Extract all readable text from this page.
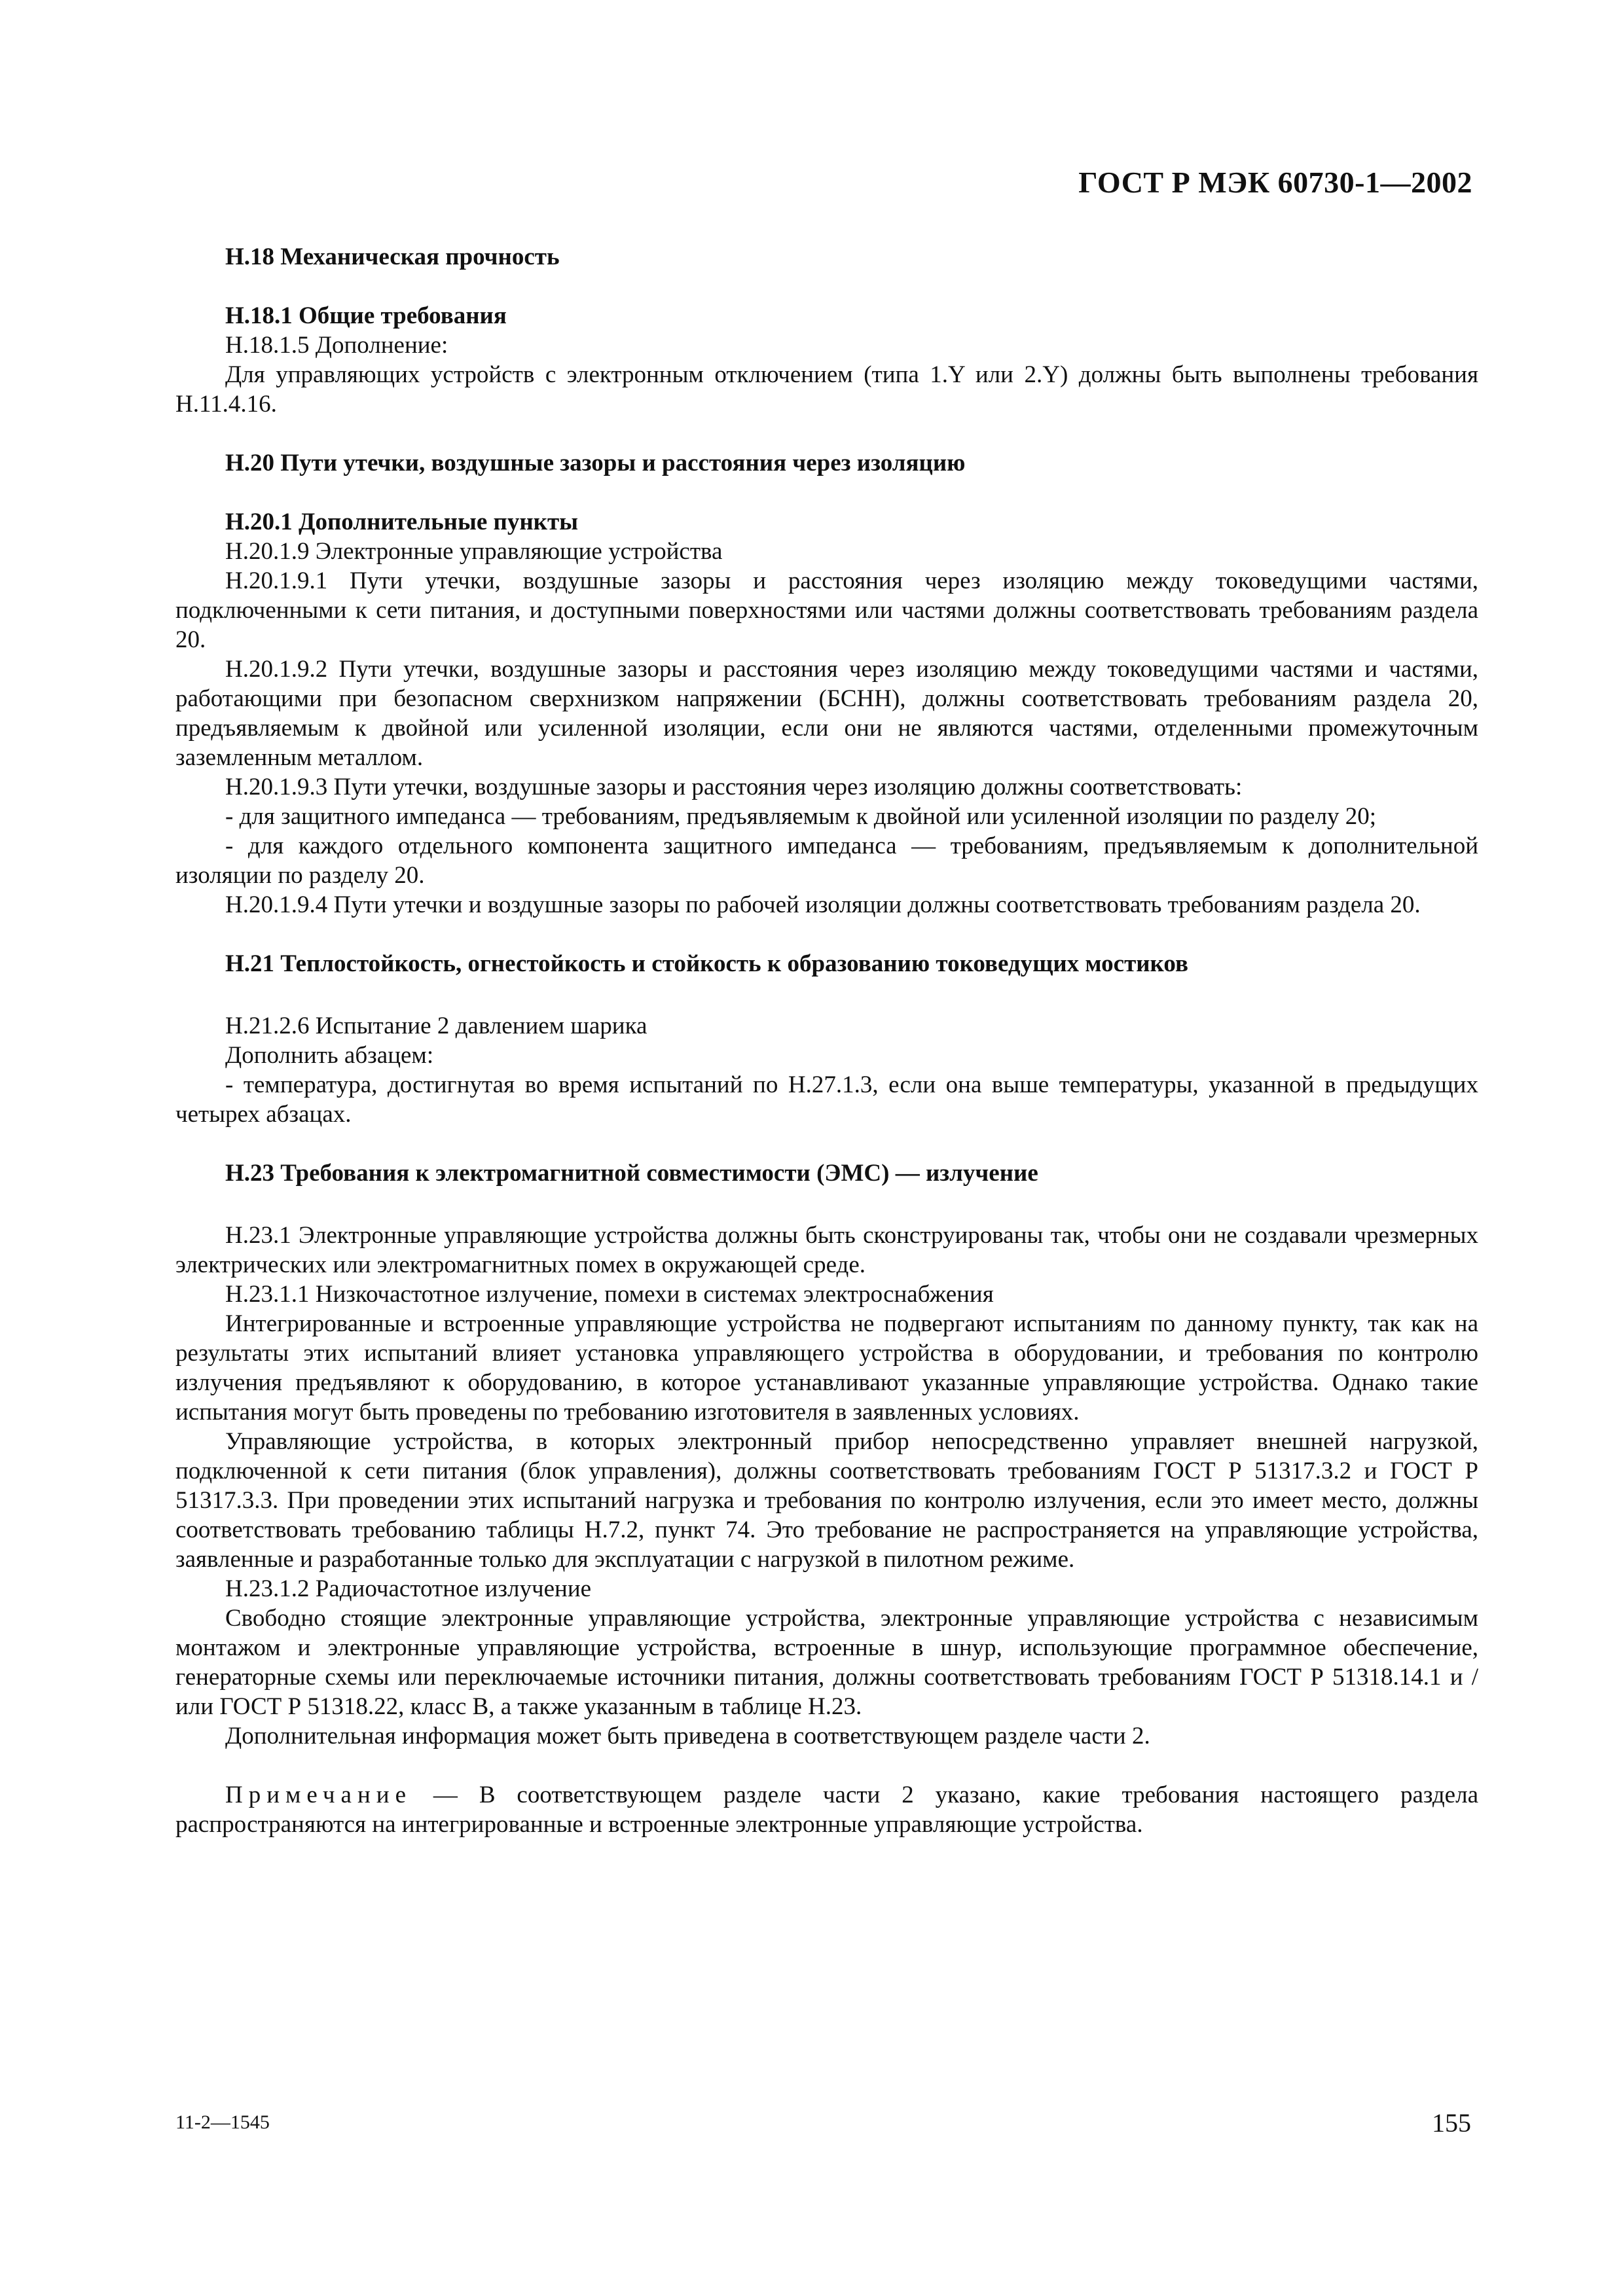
ГОСТ Р МЭК 60730-1—2002

Н.18 Механическая прочность

Н.18.1 Общие требования

Н.18.1.5 Дополнение:

Для управляющих устройств с электронным отключением (типа 1.Y или 2.Y) должны быть выполнены требования Н.11.4.16.

Н.20 Пути утечки, воздушные зазоры и расстояния через изоляцию

Н.20.1 Дополнительные пункты

Н.20.1.9 Электронные управляющие устройства

Н.20.1.9.1 Пути утечки, воздушные зазоры и расстояния через изоляцию между токоведущими частями, подключенными к сети питания, и доступными поверхностями или частями должны соответствовать требованиям раздела 20.

Н.20.1.9.2 Пути утечки, воздушные зазоры и расстояния через изоляцию между токоведущими частями и частями, работающими при безопасном сверхнизком напряжении (БСНН), должны соответствовать требованиям раздела 20, предъявляемым к двойной или усиленной изоляции, если они не являются частями, отделенными промежуточным заземленным металлом.

Н.20.1.9.3 Пути утечки, воздушные зазоры и расстояния через изоляцию должны соответствовать:

- для защитного импеданса — требованиям, предъявляемым к двойной или усиленной изоляции по разделу 20;

- для каждого отдельного компонента защитного импеданса — требованиям, предъявляемым к дополнительной изоляции по разделу 20.

Н.20.1.9.4 Пути утечки и воздушные зазоры по рабочей изоляции должны соответствовать требованиям раздела 20.

Н.21 Теплостойкость, огнестойкость и стойкость к образованию токоведущих мостиков

Н.21.2.6 Испытание 2 давлением шарика

Дополнить абзацем:

- температура, достигнутая во время испытаний по Н.27.1.3, если она выше температуры, указанной в предыдущих четырех абзацах.

Н.23 Требования к электромагнитной совместимости (ЭМС) — излучение

Н.23.1 Электронные управляющие устройства должны быть сконструированы так, чтобы они не создавали чрезмерных электрических или электромагнитных помех в окружающей среде.

Н.23.1.1 Низкочастотное излучение, помехи в системах электроснабжения

Интегрированные и встроенные управляющие устройства не подвергают испытаниям по данному пункту, так как на результаты этих испытаний влияет установка управляющего устройства в оборудовании, и требования по контролю излучения предъявляют к оборудованию, в которое устанавливают указанные управляющие устройства. Однако такие испытания могут быть проведены по требованию изготовителя в заявленных условиях.

Управляющие устройства, в которых электронный прибор непосредственно управляет внешней нагрузкой, подключенной к сети питания (блок управления), должны соответствовать требованиям ГОСТ Р 51317.3.2 и ГОСТ Р 51317.3.3. При проведении этих испытаний нагрузка и требования по контролю излучения, если это имеет место, должны соответствовать требованию таблицы Н.7.2, пункт 74. Это требование не распространяется на управляющие устройства, заявленные и разработанные только для эксплуатации с нагрузкой в пилотном режиме.

Н.23.1.2 Радиочастотное излучение

Свободно стоящие электронные управляющие устройства, электронные управляющие устройства с независимым монтажом и электронные управляющие устройства, встроенные в шнур, использующие программное обеспечение, генераторные схемы или переключаемые источники питания, должны соответствовать требованиям ГОСТ Р 51318.14.1 и / или ГОСТ Р 51318.22, класс В, а также указанным в таблице Н.23.

Дополнительная информация может быть приведена в соответствующем разделе части 2.

Примечание — В соответствующем разделе части 2 указано, какие требования настоящего раздела распространяются на интегрированные и встроенные электронные управляющие устройства.

11-2—1545	155
